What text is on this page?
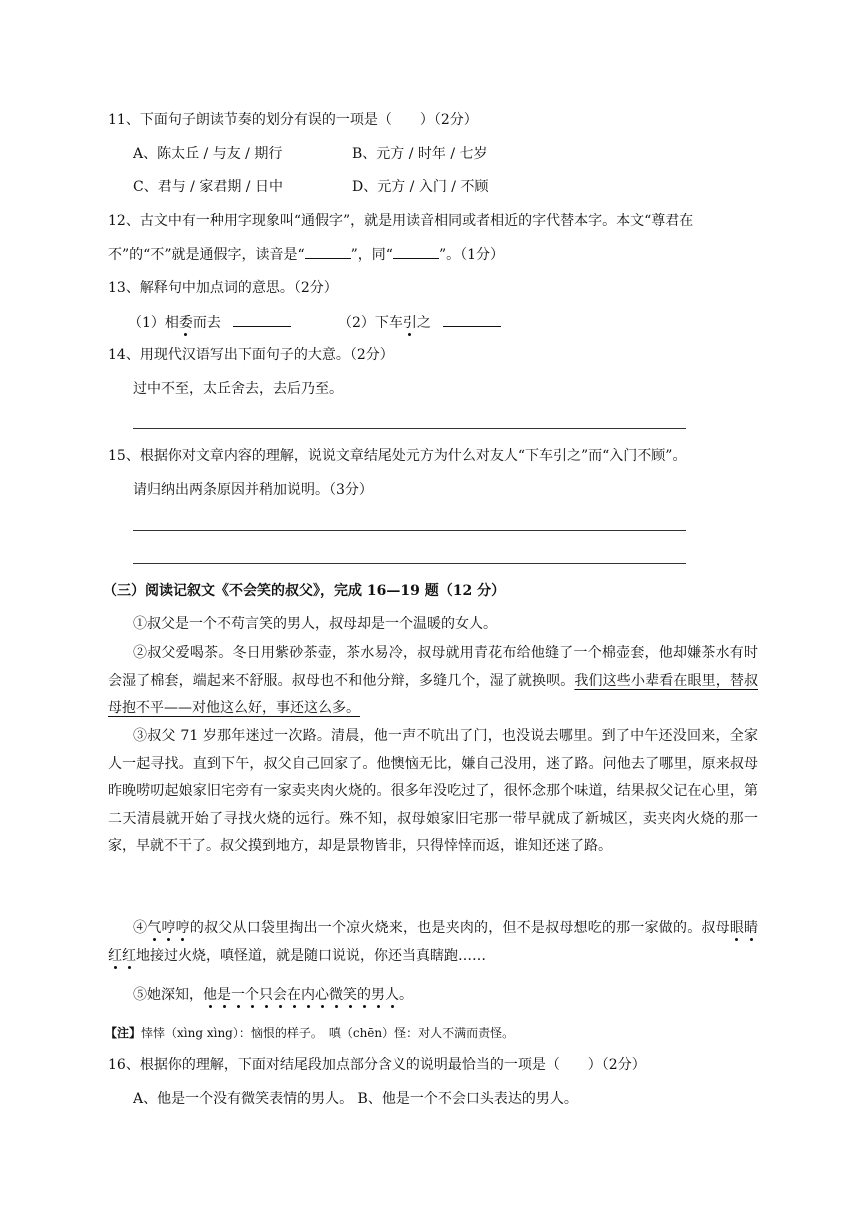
11、下面句子朗读节奏的划分有误的一项是（　　）（2分）
A、陈太丘 / 与友 / 期行	B、元方 / 时年 / 七岁
C、君与 / 家君期 / 日中	D、元方 / 入门 / 不顾
12、古文中有一种用字现象叫“通假字”，就是用读音相同或者相近的字代替本字。本文“尊君在
不”的“不”就是通假字，读音是“	”，同“	”。（1分）
13、解释句中加点词的意思。（2分）
（1）相委而去	（2）下车引之
14、用现代汉语写出下面句子的大意。（2分）
过中不至，太丘舍去，去后乃至。
15、根据你对文章内容的理解，说说文章结尾处元方为什么对友人“下车引之”而“入门不顾”。
请归纳出两条原因并稍加说明。（3分）
（三）阅读记叙文《不会笑的叔父》，完成 16—19 题（12 分）
①叔父是一个不苟言笑的男人，叔母却是一个温暖的女人。
②叔父爱喝茶。冬日用紫砂茶壶，茶水易冷，叔母就用青花布给他缝了一个棉壶套，他却嫌茶水有时会湿了棉套，端起来不舒服。叔母也不和他分辩，多缝几个，湿了就换呗。我们这些小辈看在眼里，替叔母抱不平——对他这么好，事还这么多。
③叔父 71 岁那年迷过一次路。清晨，他一声不吭出了门，也没说去哪里。到了中午还没回来，全家人一起寻找。直到下午，叔父自己回家了。他懊恼无比，嫌自己没用，迷了路。问他去了哪里，原来叔母昨晚唠叨起娘家旧宅旁有一家卖夹肉火烧的。很多年没吃过了，很怀念那个味道，结果叔父记在心里，第二天清晨就开始了寻找火烧的远行。殊不知，叔母娘家旧宅那一带早就成了新城区，卖夹肉火烧的那一家，早就不干了。叔父摸到地方，却是景物皆非，只得悻悻而返，谁知还迷了路。
④气哼哼的叔父从口袋里掏出一个凉火烧来，也是夹肉的，但不是叔母想吃的那一家做的。叔母眼睛红红地接过火烧，嗔怪道，就是随口说说，你还当真瞎跑……
⑤她深知，他是一个只会在内心微笑的男人。
【注】悻悻（xìng xìng）：恼恨的样子。　嗔（chēn）怪：对人不满而责怪。
16、根据你的理解，下面对结尾段加点部分含义的说明最恰当的一项是（　　）（2分）
A、他是一个没有微笑表情的男人。 B、他是一个不会口头表达的男人。
